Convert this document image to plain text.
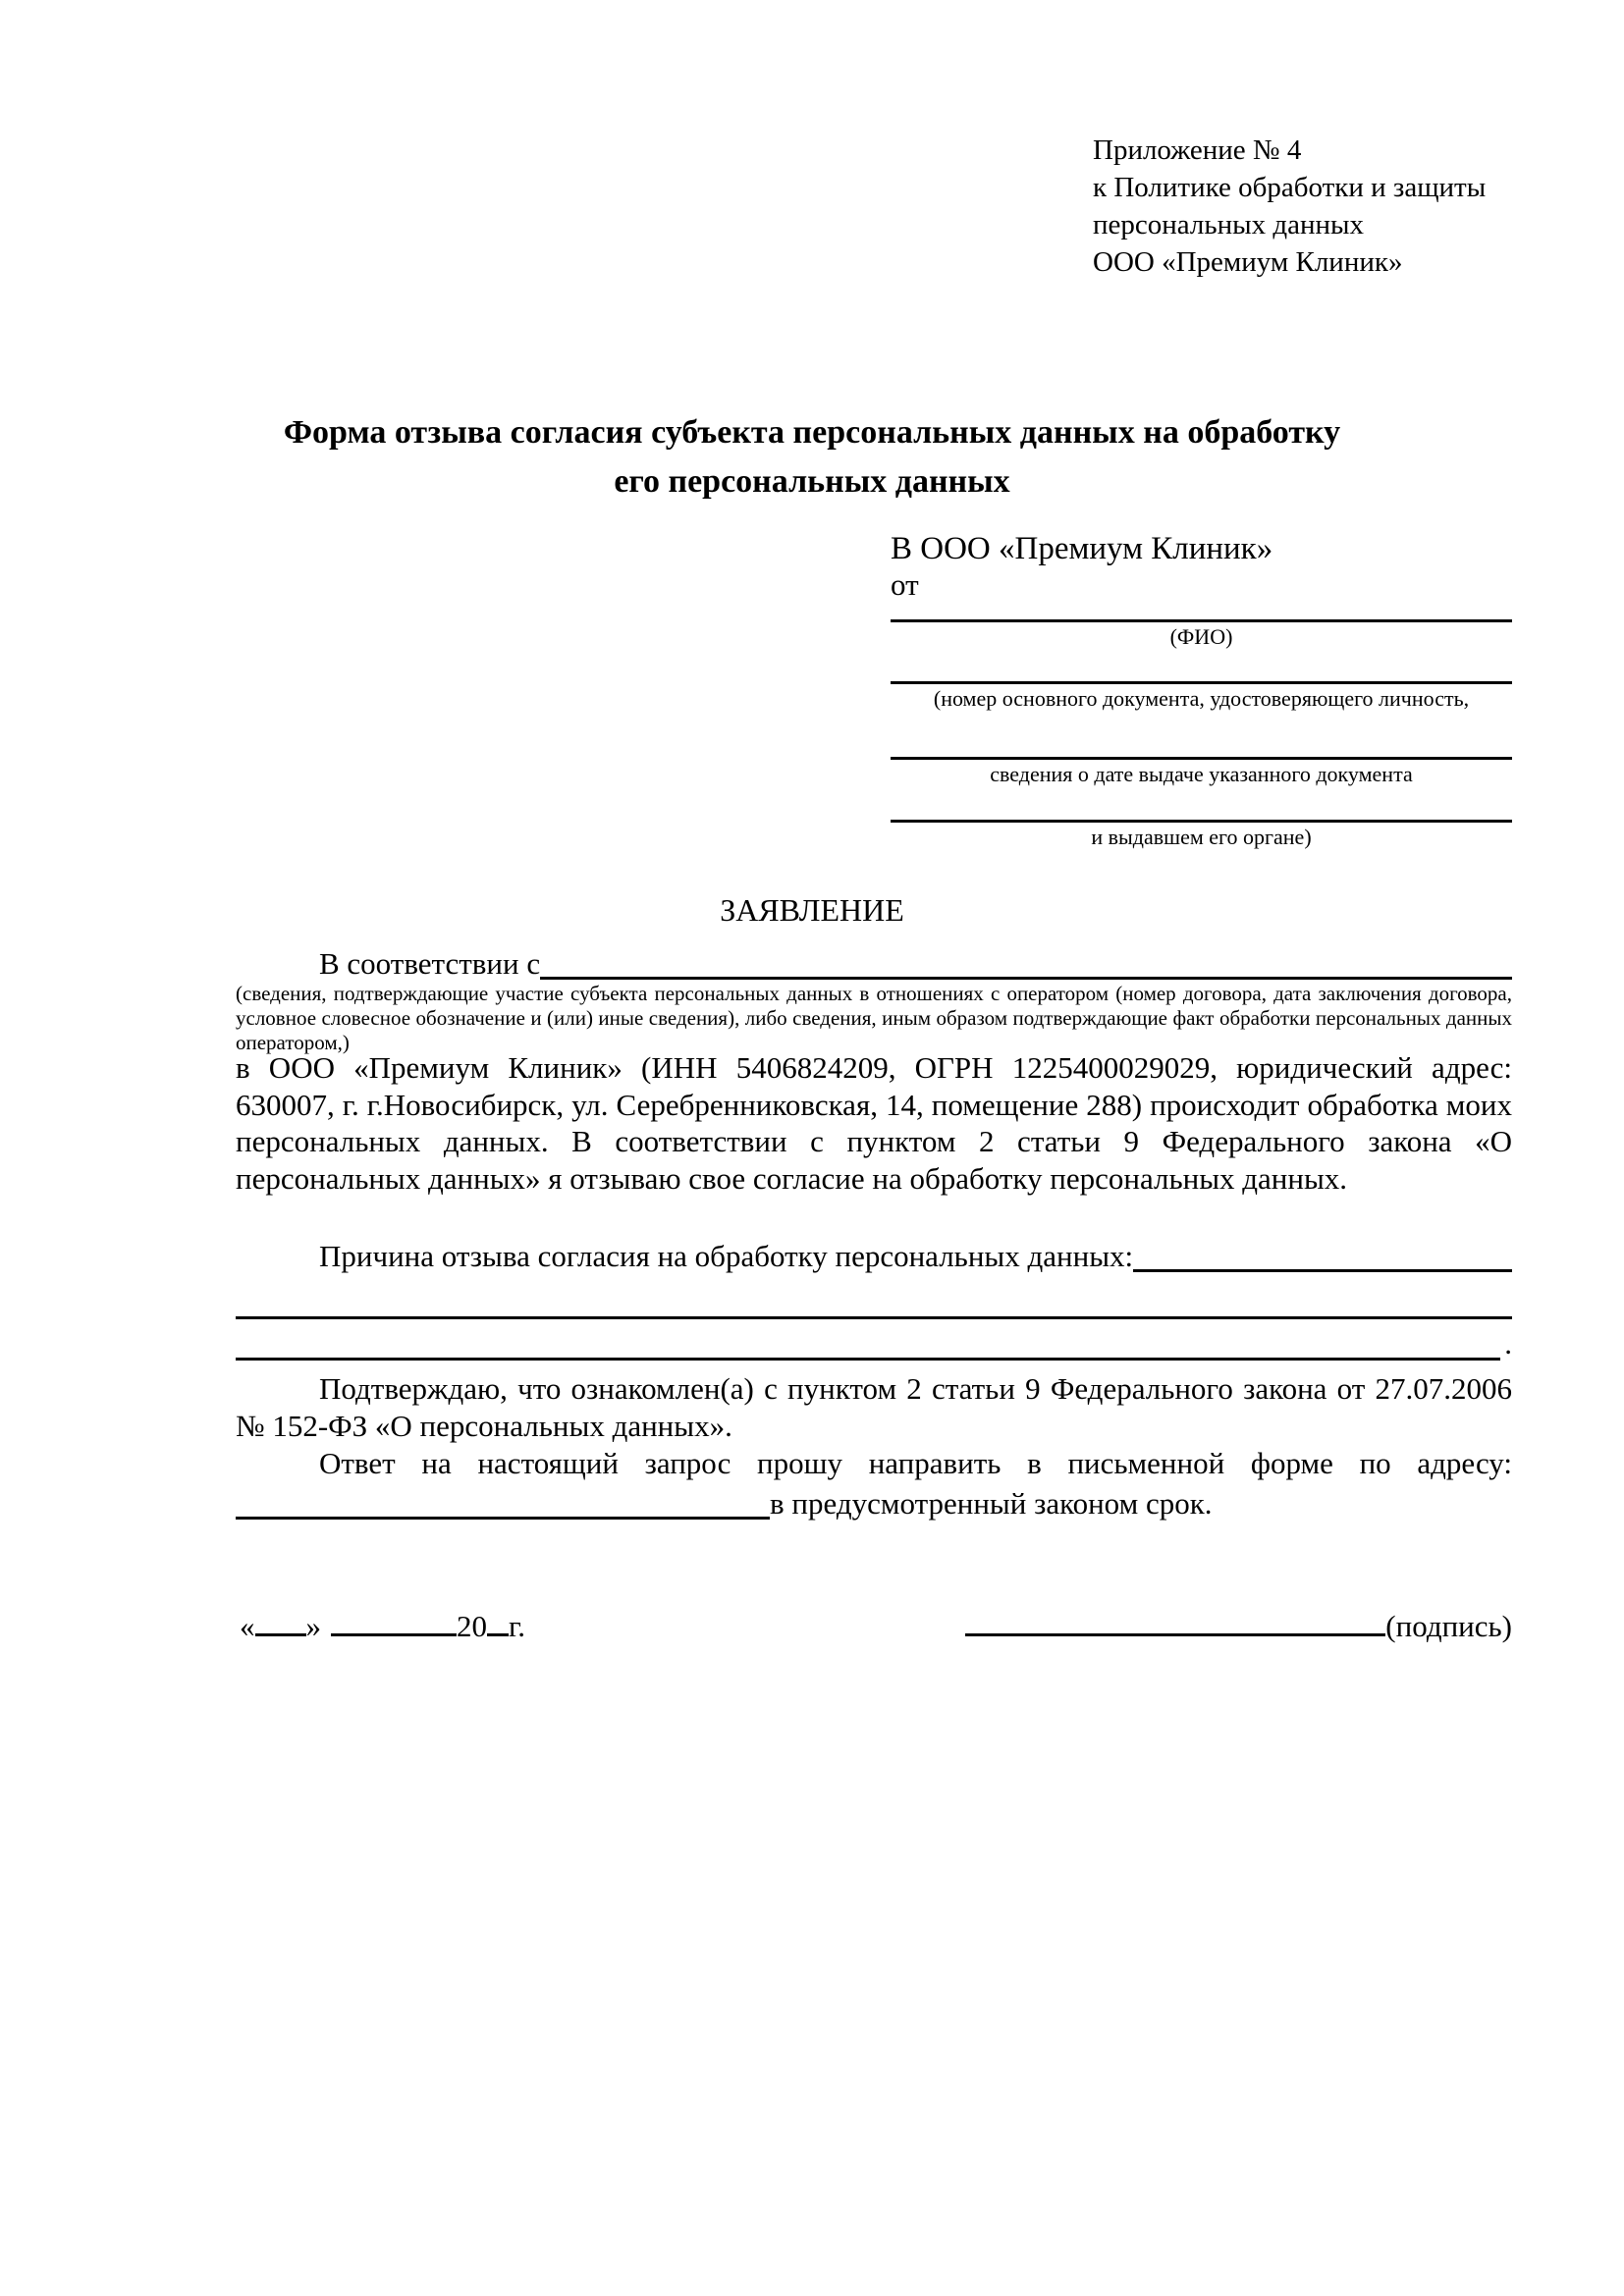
Приложение № 4
к Политике обработки и защиты
персональных данных
ООО «Премиум Клиник»
Форма отзыва согласия субъекта персональных данных на обработку
его персональных данных
В ООО «Премиум Клиник»
от
(ФИО)
(номер основного документа, удостоверяющего личность,
сведения о дате выдаче указанного документа
и выдавшем его органе)
ЗАЯВЛЕНИЕ
В соответствии с
(сведения, подтверждающие участие субъекта персональных данных в отношениях с оператором (номер договора, дата заключения договора, условное словесное обозначение и (или) иные сведения), либо сведения, иным образом подтверждающие факт обработки персональных данных оператором,)
в ООО «Премиум Клиник» (ИНН 5406824209, ОГРН 1225400029029, юридический адрес: 630007, г. г.Новосибирск, ул. Серебренниковская, 14, помещение 288) происходит обработка моих персональных данных. В соответствии с пунктом 2 статьи 9 Федерального закона «О персональных данных» я отзываю свое согласие на обработку персональных данных.
Причина отзыва согласия на обработку персональных данных:
.
Подтверждаю, что ознакомлен(а) с пунктом 2 статьи 9 Федерального закона от 27.07.2006 № 152-ФЗ «О персональных данных».
Ответ на настоящий запрос прошу направить в письменной форме по адресу:
в предусмотренный законом срок.
« »	20 г.	(подпись)
